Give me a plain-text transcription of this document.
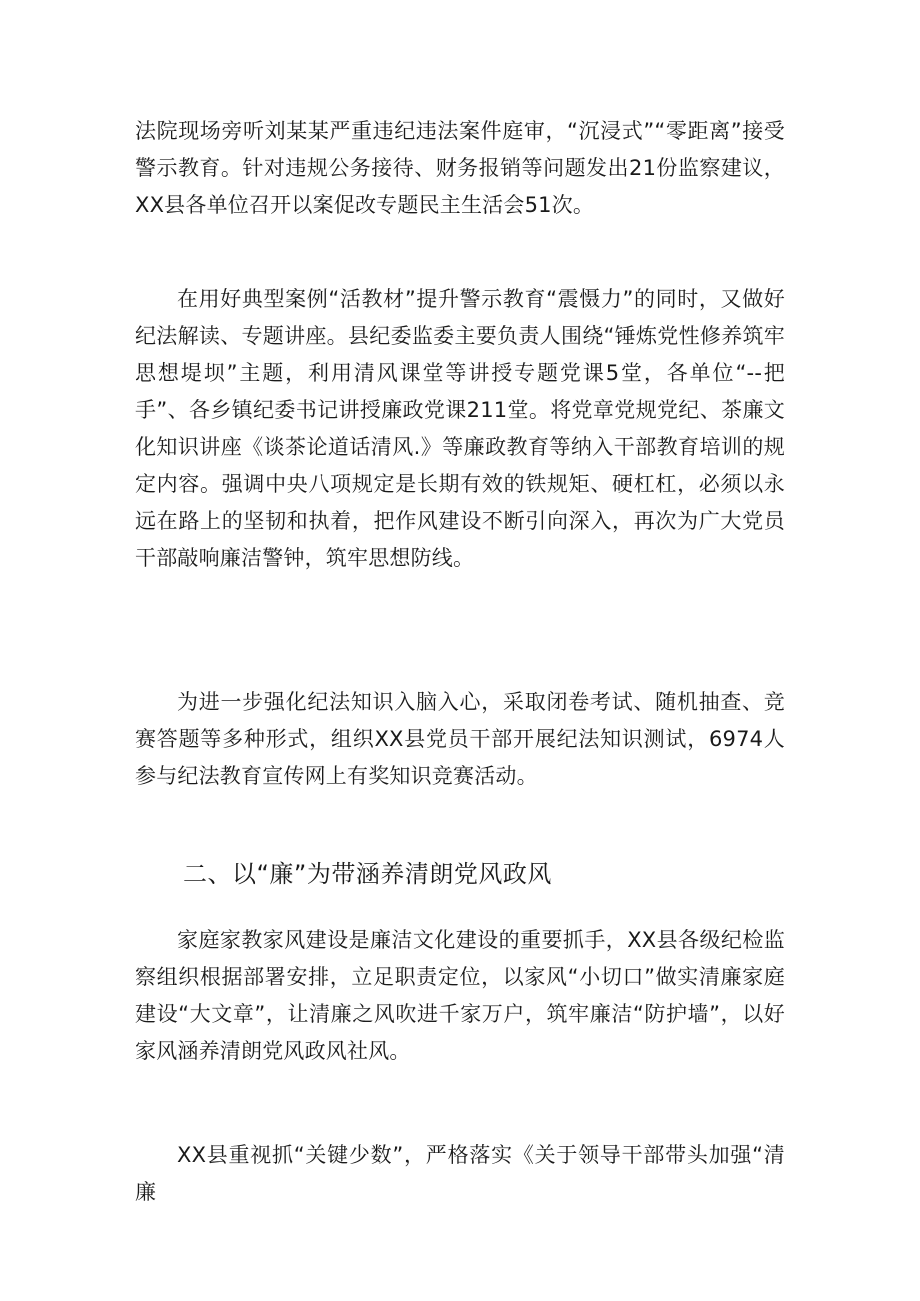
法院现场旁听刘某某严重违纪违法案件庭审，“沉浸式”“零距离”接受警示教育。针对违规公务接待、财务报销等问题发出21份监察建议，XX县各单位召开以案促改专题民主生活会51次。

在用好典型案例“活教材”提升警示教育“震慑力”的同时，又做好纪法解读、专题讲座。县纪委监委主要负责人围绕“锤炼党性修养筑牢思想堤坝”主题，利用清风课堂等讲授专题党课5堂，各单位“--把手”、各乡镇纪委书记讲授廉政党课211堂。将党章党规党纪、茶廉文化知识讲座《谈茶论道话清风.》等廉政教育等纳入干部教育培训的规定内容。强调中央八项规定是长期有效的铁规矩、硬杠杠，必须以永远在路上的坚韧和执着，把作风建设不断引向深入，再次为广大党员干部敲响廉洁警钟，筑牢思想防线。

为进一步强化纪法知识入脑入心，采取闭卷考试、随机抽查、竞赛答题等多种形式，组织XX县党员干部开展纪法知识测试，6974人参与纪法教育宣传网上有奖知识竞赛活动。

二、以“廉”为带涵养清朗党风政风

家庭家教家风建设是廉洁文化建设的重要抓手，XX县各级纪检监察组织根据部署安排，立足职责定位，以家风“小切口”做实清廉家庭建设“大文章”，让清廉之风吹进千家万户，筑牢廉洁“防护墙”，以好家风涵养清朗党风政风社风。

XX县重视抓“关键少数”，严格落实《关于领导干部带头加强“清廉
